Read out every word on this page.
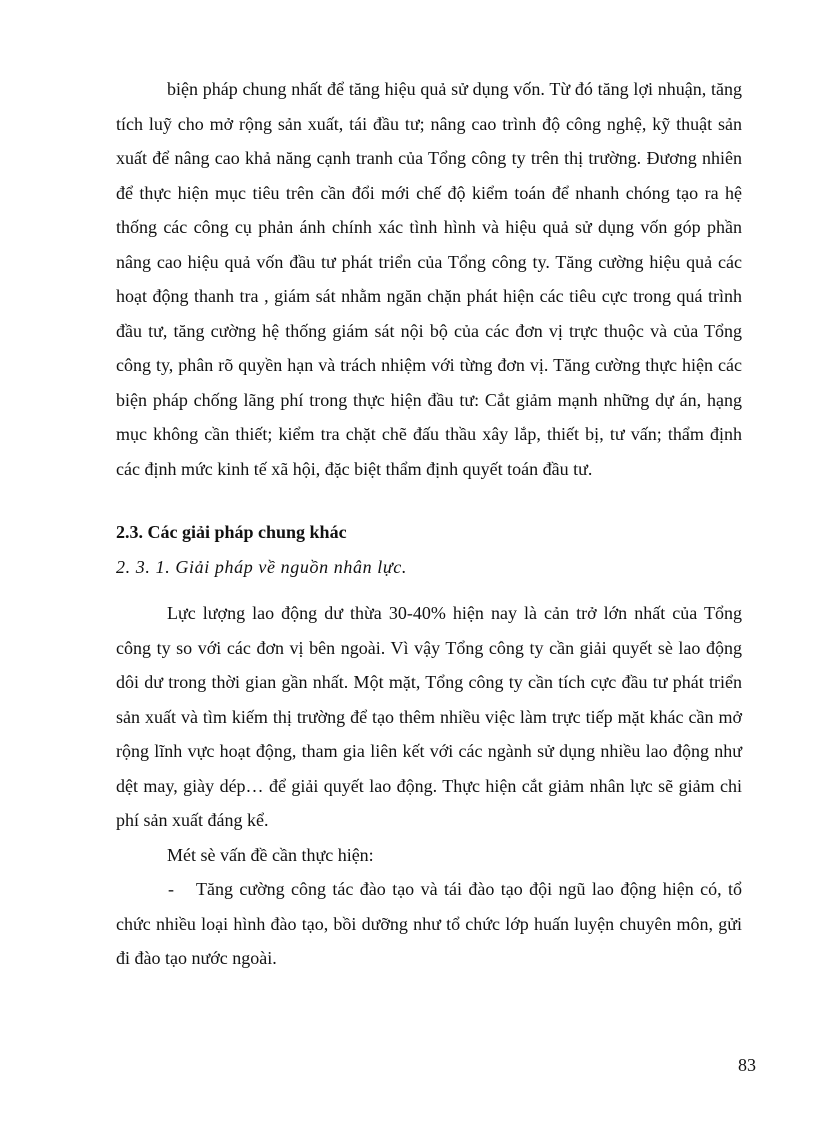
biện pháp chung nhất để tăng hiệu quả sử dụng vốn. Từ đó tăng lợi nhuận, tăng tích luỹ cho mở rộng sản xuất, tái đầu tư; nâng cao trình độ công nghệ, kỹ thuật sản xuất để nâng cao khả năng cạnh tranh của Tổng công ty trên thị trường. Đương nhiên để thực hiện mục tiêu trên cần đổi mới chế độ kiểm toán để nhanh chóng tạo ra hệ thống các công cụ phản ánh chính xác tình hình và hiệu quả sử dụng vốn góp phần nâng cao hiệu quả vốn đầu tư phát triển của Tổng công ty. Tăng cường hiệu quả các hoạt động thanh tra , giám sát nhằm ngăn chặn phát hiện các tiêu cực trong quá trình đầu tư, tăng cường hệ thống giám sát nội bộ của các đơn vị trực thuộc và của Tổng công ty, phân rõ quyền hạn và trách nhiệm với từng đơn vị. Tăng cường thực hiện các biện pháp chống lãng phí trong thực hiện đầu tư: Cắt giảm mạnh những dự án, hạng mục không cần thiết; kiểm tra chặt chẽ đấu thầu xây lắp, thiết bị, tư vấn; thẩm định các định mức kinh tế xã hội, đặc biệt thẩm định quyết toán đầu tư.

2.3. Các giải pháp chung khác

2. 3. 1. Giải pháp về nguồn nhân lực.

Lực lượng lao động dư thừa 30-40% hiện nay là cản trở lớn nhất của Tổng công ty so với các đơn vị bên ngoài. Vì vậy Tổng công ty cần giải quyết sè lao động dôi dư trong thời gian gần nhất. Một mặt, Tổng công ty cần tích cực đầu tư phát triển sản xuất và tìm kiếm thị trường để tạo thêm nhiều việc làm trực tiếp mặt khác cần mở rộng lĩnh vực hoạt động, tham gia liên kết với các ngành sử dụng nhiều lao động như dệt may, giày dép… để giải quyết lao động. Thực hiện cắt giảm nhân lực sẽ giảm chi phí sản xuất đáng kể.

Mét sè vấn đề cần thực hiện:

-	Tăng cường công tác đào tạo và tái đào tạo đội ngũ lao động hiện có, tổ chức nhiều loại hình đào tạo, bồi dưỡng như tổ chức lớp huấn luyện chuyên môn, gửi đi đào tạo nước ngoài.
83
